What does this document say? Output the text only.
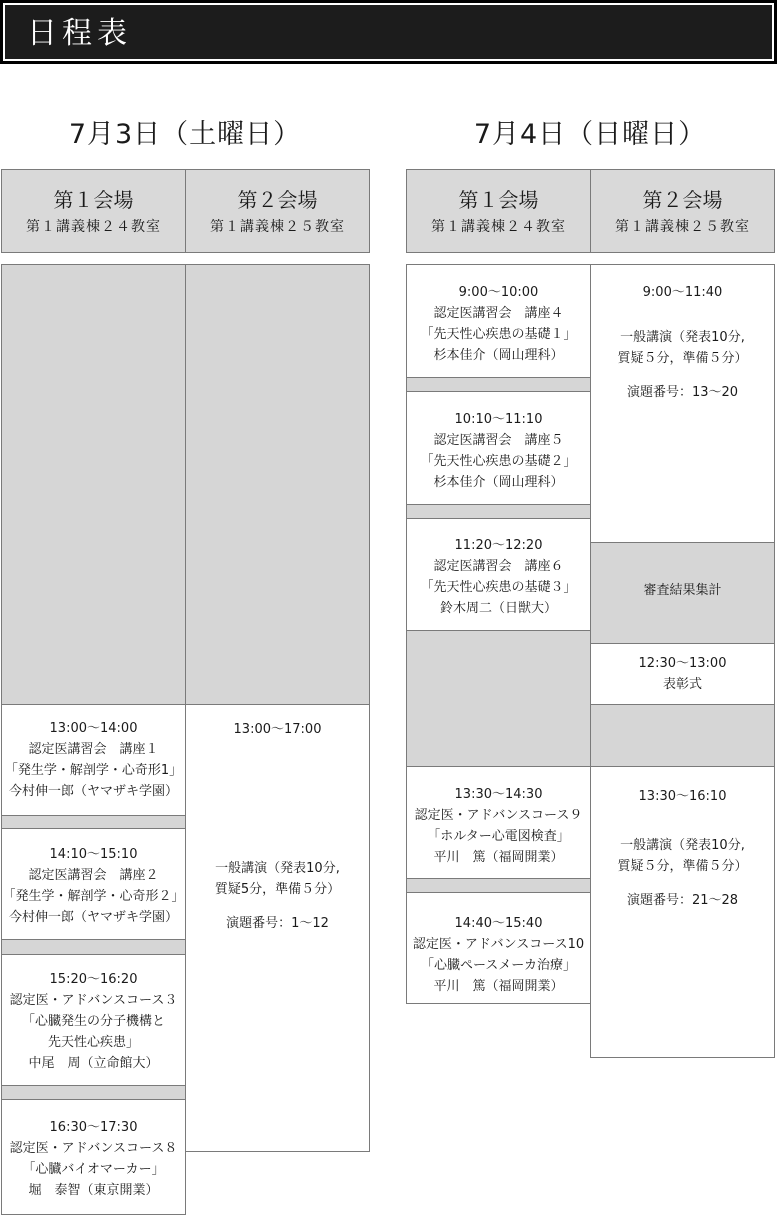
日程表
7月3日（土曜日）	7月4日（日曜日）
第１会場
第１講義棟２４教室
第２会場
第１講義棟２５教室
第１会場
第１講義棟２４教室
第２会場
第１講義棟２５教室
13:00〜14:00
認定医講習会　講座１
「発生学・解剖学・心奇形1」
今村伸一郎（ヤマザキ学園）
14:10〜15:10
認定医講習会　講座２
「発生学・解剖学・心奇形２」
今村伸一郎（ヤマザキ学園）
15:20〜16:20
認定医・アドバンスコース３
「心臓発生の分子機構と
先天性心疾患」
中尾　周（立命館大）
16:30〜17:30
認定医・アドバンスコース８
「心臓バイオマーカー」
堀　泰智（東京開業）
13:00〜17:00
一般講演（発表10分,
質疑5分，準備５分）
演題番号：1〜12
9:00〜10:00
認定医講習会　講座４
「先天性心疾患の基礎１」
杉本佳介（岡山理科）
10:10〜11:10
認定医講習会　講座５
「先天性心疾患の基礎２」
杉本佳介（岡山理科）
11:20〜12:20
認定医講習会　講座６
「先天性心疾患の基礎３」
鈴木周二（日獣大）
13:30〜14:30
認定医・アドバンスコース９
「ホルター心電図検査」
平川　篤（福岡開業）
14:40〜15:40
認定医・アドバンスコース10
「心臓ペースメーカ治療」
平川　篤（福岡開業）
9:00〜11:40
一般講演（発表10分,
質疑５分，準備５分）
演題番号：13〜20
審査結果集計
12:30〜13:00
表彰式
13:30〜16:10
一般講演（発表10分,
質疑５分，準備５分）
演題番号：21〜28
